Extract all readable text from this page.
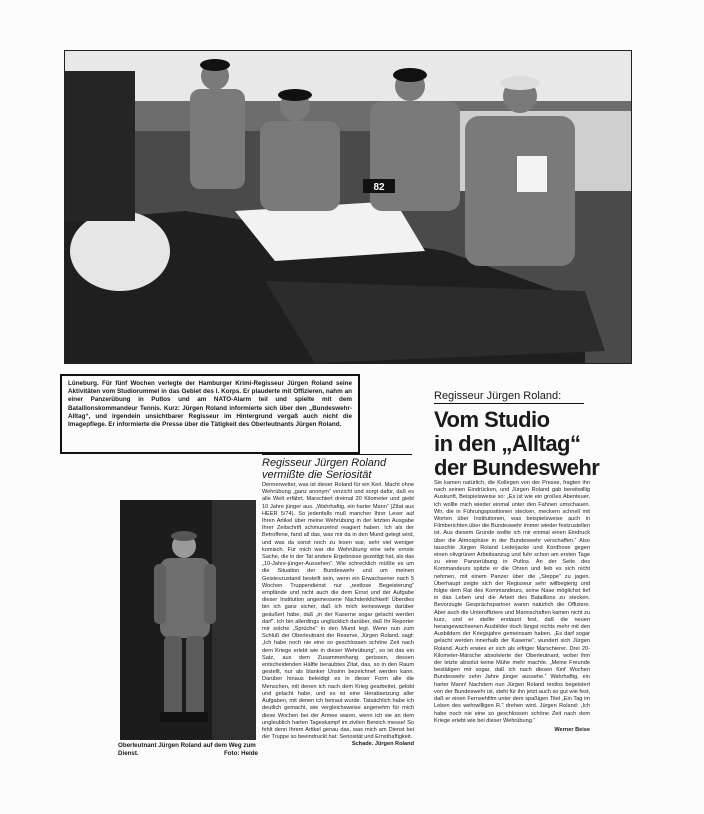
82
Lüneburg. Für fünf Wochen verlegte der Hamburger Krimi-Regisseur Jürgen Roland seine Aktivitäten vom Studiorummel in das Gebiet des I. Korps. Er plauderte mit Offizieren, nahm an einer Panzerübung in Putlos und am NATO-Alarm teil und spielte mit dem Bataillonskommandeur Tennis. Kurz: Jürgen Roland informierte sich über den „Bundeswehr-Alltag“, und irgendein unsichtbarer Regisseur im Hintergrund vergaß auch nicht die Imagepflege. Er informierte die Presse über die Tätigkeit des Oberleutnants Jürgen Roland.
Regisseur Jürgen Roland:
Vom Studio
in den „Alltag“
der Bundeswehr
Regisseur Jürgen Roland vermißte die Seriosität
Oberleutnant Jürgen Roland auf dem Weg zum Dienst.	Foto: Heide

Dennerwetter, was ist dieser Roland für ein Kerl. Macht ohne Wehrübung „ganz anonym“ verzicht und sorgt dafür, daß es alle Welt erfährt. Marschiert dreimal 20 Kilometer und giebt 10 Jahre jünger aus. „Wahrhaftig, ein harter Mann“ (Zitat aus HEER 5/74). So jedenfalls muß mancher Ihrer Leser auf Ihren Artikel über meine Wehrübung in der letzten Ausgabe Ihrer Zeitschrift schmunzelnd reagiert haben. Ich als der Betroffene, fand all das, was mir da in den Mund gelegt wird, und was da sonst noch zu lesen war, sehr viel weniger komisch. Für mich war die Wehrübung eine sehr ernste Sache, die in der Tat andere Ergebnisse gezeitigt hat, als das „10-Jahre-jünger-Aussehen“. Wie schrecklich müßte es um die Situation der Bundeswehr und um meinen Geisteszustand bestellt sein, wenn ein Erwachsener nach 5 Wochen Truppendienst nur „restlose Begeisterung“ empfände und nicht auch die dem Ernst und der Aufgabe dieser Institution angemessene Nachdenklichkeit! Überdies bin ich ganz sicher, daß ich mich keineswegs darüber geäußert habe, daß „in der Kaserne sogar gelacht werden darf“. Ich bin allerdings unglücklich darüber, daß Ihr Reporter mir solche „Sprüche“ in den Mund legt. Wenn nun zum Schluß der Oberleutnant der Reserve, Jürgen Roland, sagt: „Ich habe noch nie eine so geschlossen schöne Zeit nach dem Kriege erlebt wie in dieser Wehrübung“, so ist das ein Satz, aus dem Zusammenhang gerissen, dessen entscheidenden Hälfte beraubtes Zitat, das, so in den Raum gestellt, nur als blanker Unsinn bezeichnet werden kann. Darüber hinaus beleidigt es in dieser Form alle die Menschen, mit denen ich nach dem Krieg gearbeitet, gelobt und gelacht habe, und es ist eine Herabsetzung aller Aufgaben, mit denen ich betraut wurde. Tatsächlich habe ich deutlich gemacht, wie vergleichsweise angenehm für mich diese Wochen bei der Armee waren, wenn ich sie an dem ungleublich harten Tageskampf im zivilen Bereich messe! So fehlt denn Ihrem Artikel genau das, was mich am Dienst bei der Truppe so beeindruckt hat: Seriosität und Ernsthaftigkeit.

Schade. Jürgen Roland

Sie kamen natürlich, die Kollegen von der Presse, fragten ihn nach seinen Eindrücken, und Jürgen Roland gab bereitwillig Auskunft, Beispielsweise so: „Es ist wie ein großes Abenteuer, ich wollte mich wieder einmal unter den Fahnen umschauen. Wir, die in Führungspositionen stecken, meckern schnell mit Worten über Institutionen, was beispielsweise auch in Filmberichten über die Bundeswehr immer wieder festzustellen ist. Aus diesem Grunde wollte ich mir einmal einen Eindruck über die Atmosphäre in der Bundeswehr verschaffen.“ Also tauschte Jürgen Roland Lederjacke und Kordhose gegen einen olivgrünen Arbeitsanzug und fuhr schon am ersten Tage zu einer Panzerübung in Putlos. An der Seite des Kommandeurs spitzte er die Ohren und lieb es sich nicht nehmen, mit einem Panzer über die „Steppe“ zu jagen. Überhaupt zeigte sich der Regisseur sehr willbegierig und folgte dem Rat des Kommandeurs, seine Nase möglichst tief in das Leben und die Arbeit des Bataillons zu stecken. Bevorzugte Gesprächspartner waren natürlich die Offiziere. Aber auch die Unteroffiziere und Mannschaften kamen nicht zu kurz, und er stellte erstaunt fest, daß die neuen herangewachsenen Ausbilder doch längst nichts mehr mit den Ausbildern der Kriegsjahre gemeinsam haben. „Es darf sogar gelacht werden innerhalb der Kaserne“, wundert sich Jürgen Roland. Auch erwies er sich als eifriger Marschierer. Drei 20-Kilometer-Märsche absolvierte der Oberleutnant, wobei ihm der letzte absolut keine Mühe mehr machte. „Meine Freunde bestätigen mir sogar, daß ich nach diesen fünf Wochen Bundeswehr zehn Jahre jünger aussehe.“ Wahrhaftig, ein harter Mann! Nachdem nun Jürgen Roland restlos begeistert von der Bundeswehr ist, steht für ihn jetzt auch so gut wie fest, daß er einen Fernsehfilm unter dem spaßigen Titel „Ein Tag im Leben des wehrwilligen R.“ drehen wird. Jürgen Roland: „Ich habe noch nie eine so geschlossen schöne Zeit nach dem Kriege erlebt wie bei dieser Wehrübung.“

Werner Beise
